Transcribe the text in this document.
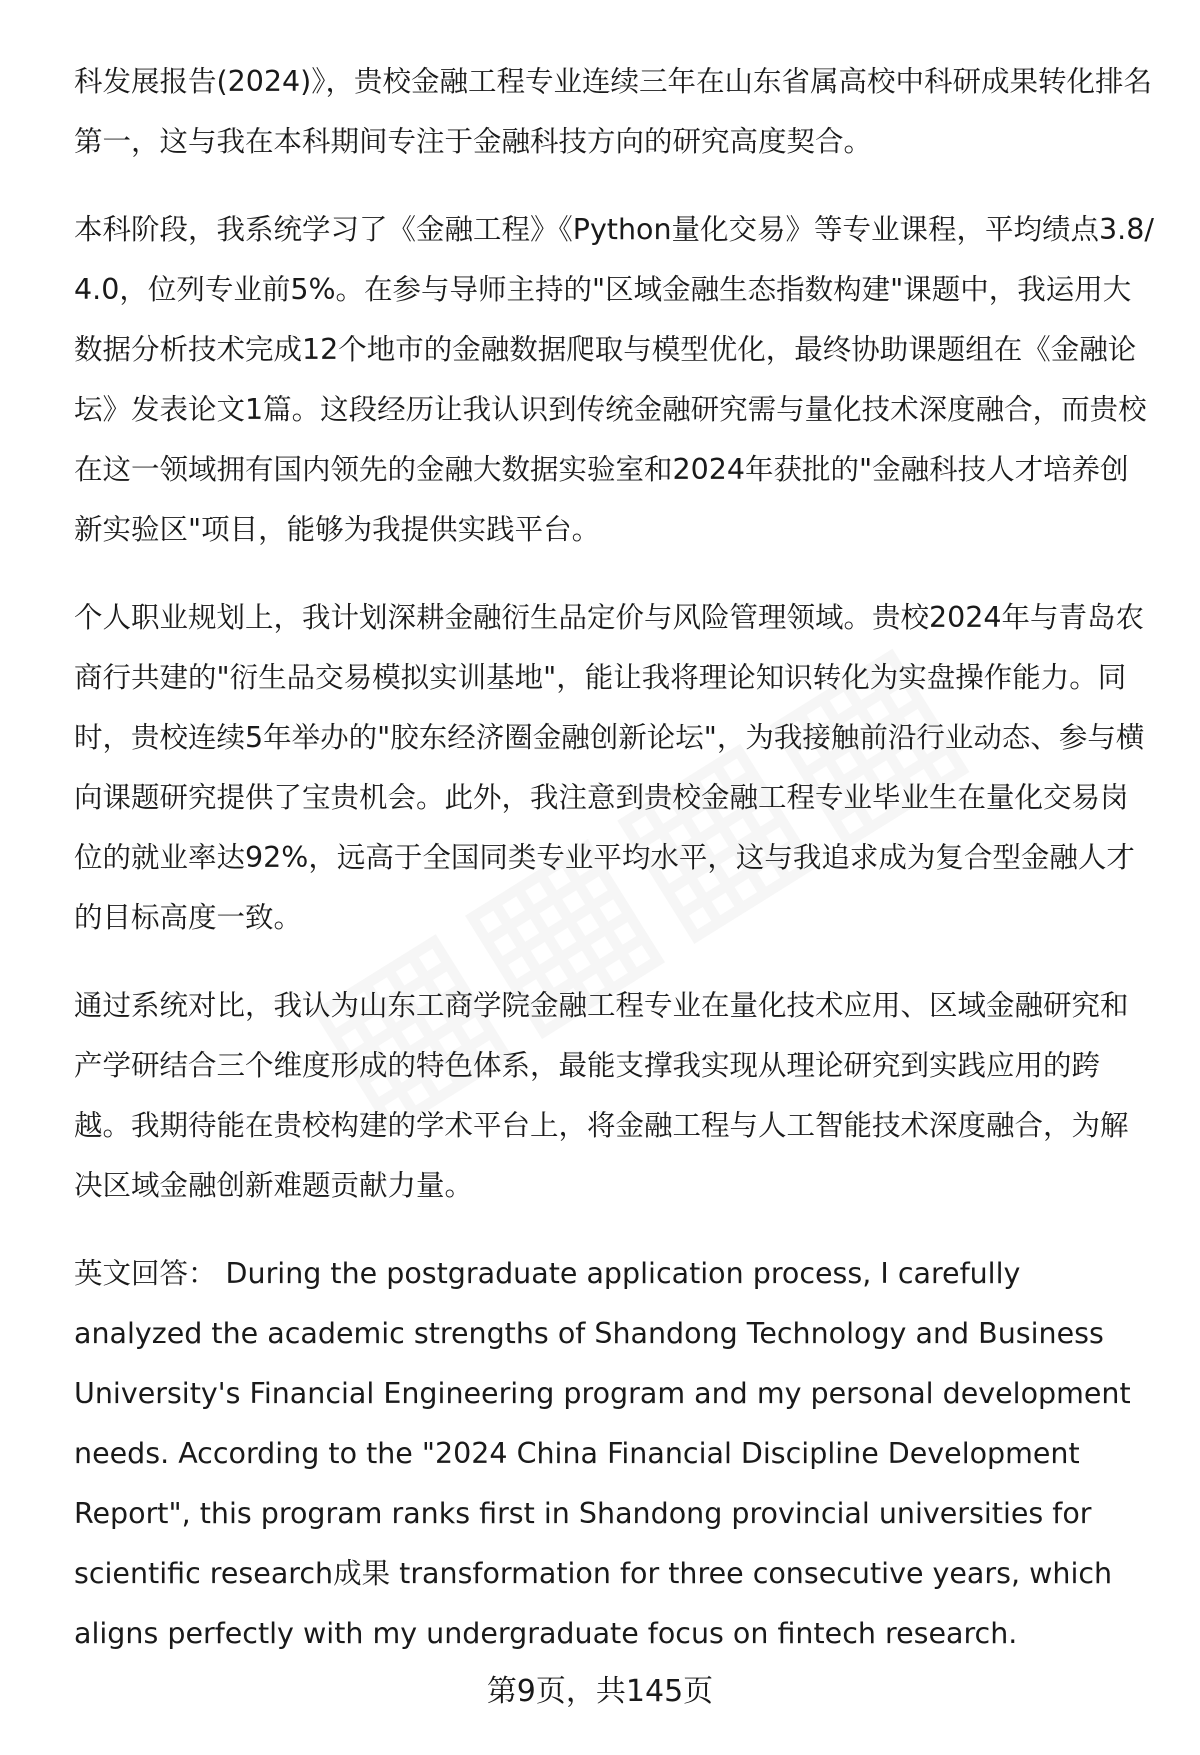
科发展报告(2024)》，贵校金融工程专业连续三年在山东省属高校中科研成果转化排名第一，这与我在本科期间专注于金融科技方向的研究高度契合。

本科阶段，我系统学习了《金融工程》《Python量化交易》等专业课程，平均绩点3.8/4.0，位列专业前5%。在参与导师主持的"区域金融生态指数构建"课题中，我运用大数据分析技术完成12个地市的金融数据爬取与模型优化，最终协助课题组在《金融论坛》发表论文1篇。这段经历让我认识到传统金融研究需与量化技术深度融合，而贵校在这一领域拥有国内领先的金融大数据实验室和2024年获批的"金融科技人才培养创新实验区"项目，能够为我提供实践平台。

个人职业规划上，我计划深耕金融衍生品定价与风险管理领域。贵校2024年与青岛农商行共建的"衍生品交易模拟实训基地"，能让我将理论知识转化为实盘操作能力。同时，贵校连续5年举办的"胶东经济圈金融创新论坛"，为我接触前沿行业动态、参与横向课题研究提供了宝贵机会。此外，我注意到贵校金融工程专业毕业生在量化交易岗位的就业率达92%，远高于全国同类专业平均水平，这与我追求成为复合型金融人才的目标高度一致。

通过系统对比，我认为山东工商学院金融工程专业在量化技术应用、区域金融研究和产学研结合三个维度形成的特色体系，最能支撑我实现从理论研究到实践应用的跨越。我期待能在贵校构建的学术平台上，将金融工程与人工智能技术深度融合，为解决区域金融创新难题贡献力量。

英文回答： During the postgraduate application process, I carefully analyzed the academic strengths of Shandong Technology and Business University's Financial Engineering program and my personal development needs. According to the "2024 China Financial Discipline Development Report", this program ranks first in Shandong provincial universities for scientific research成果 transformation for three consecutive years, which aligns perfectly with my undergraduate focus on fintech research.

第9页，共145页
